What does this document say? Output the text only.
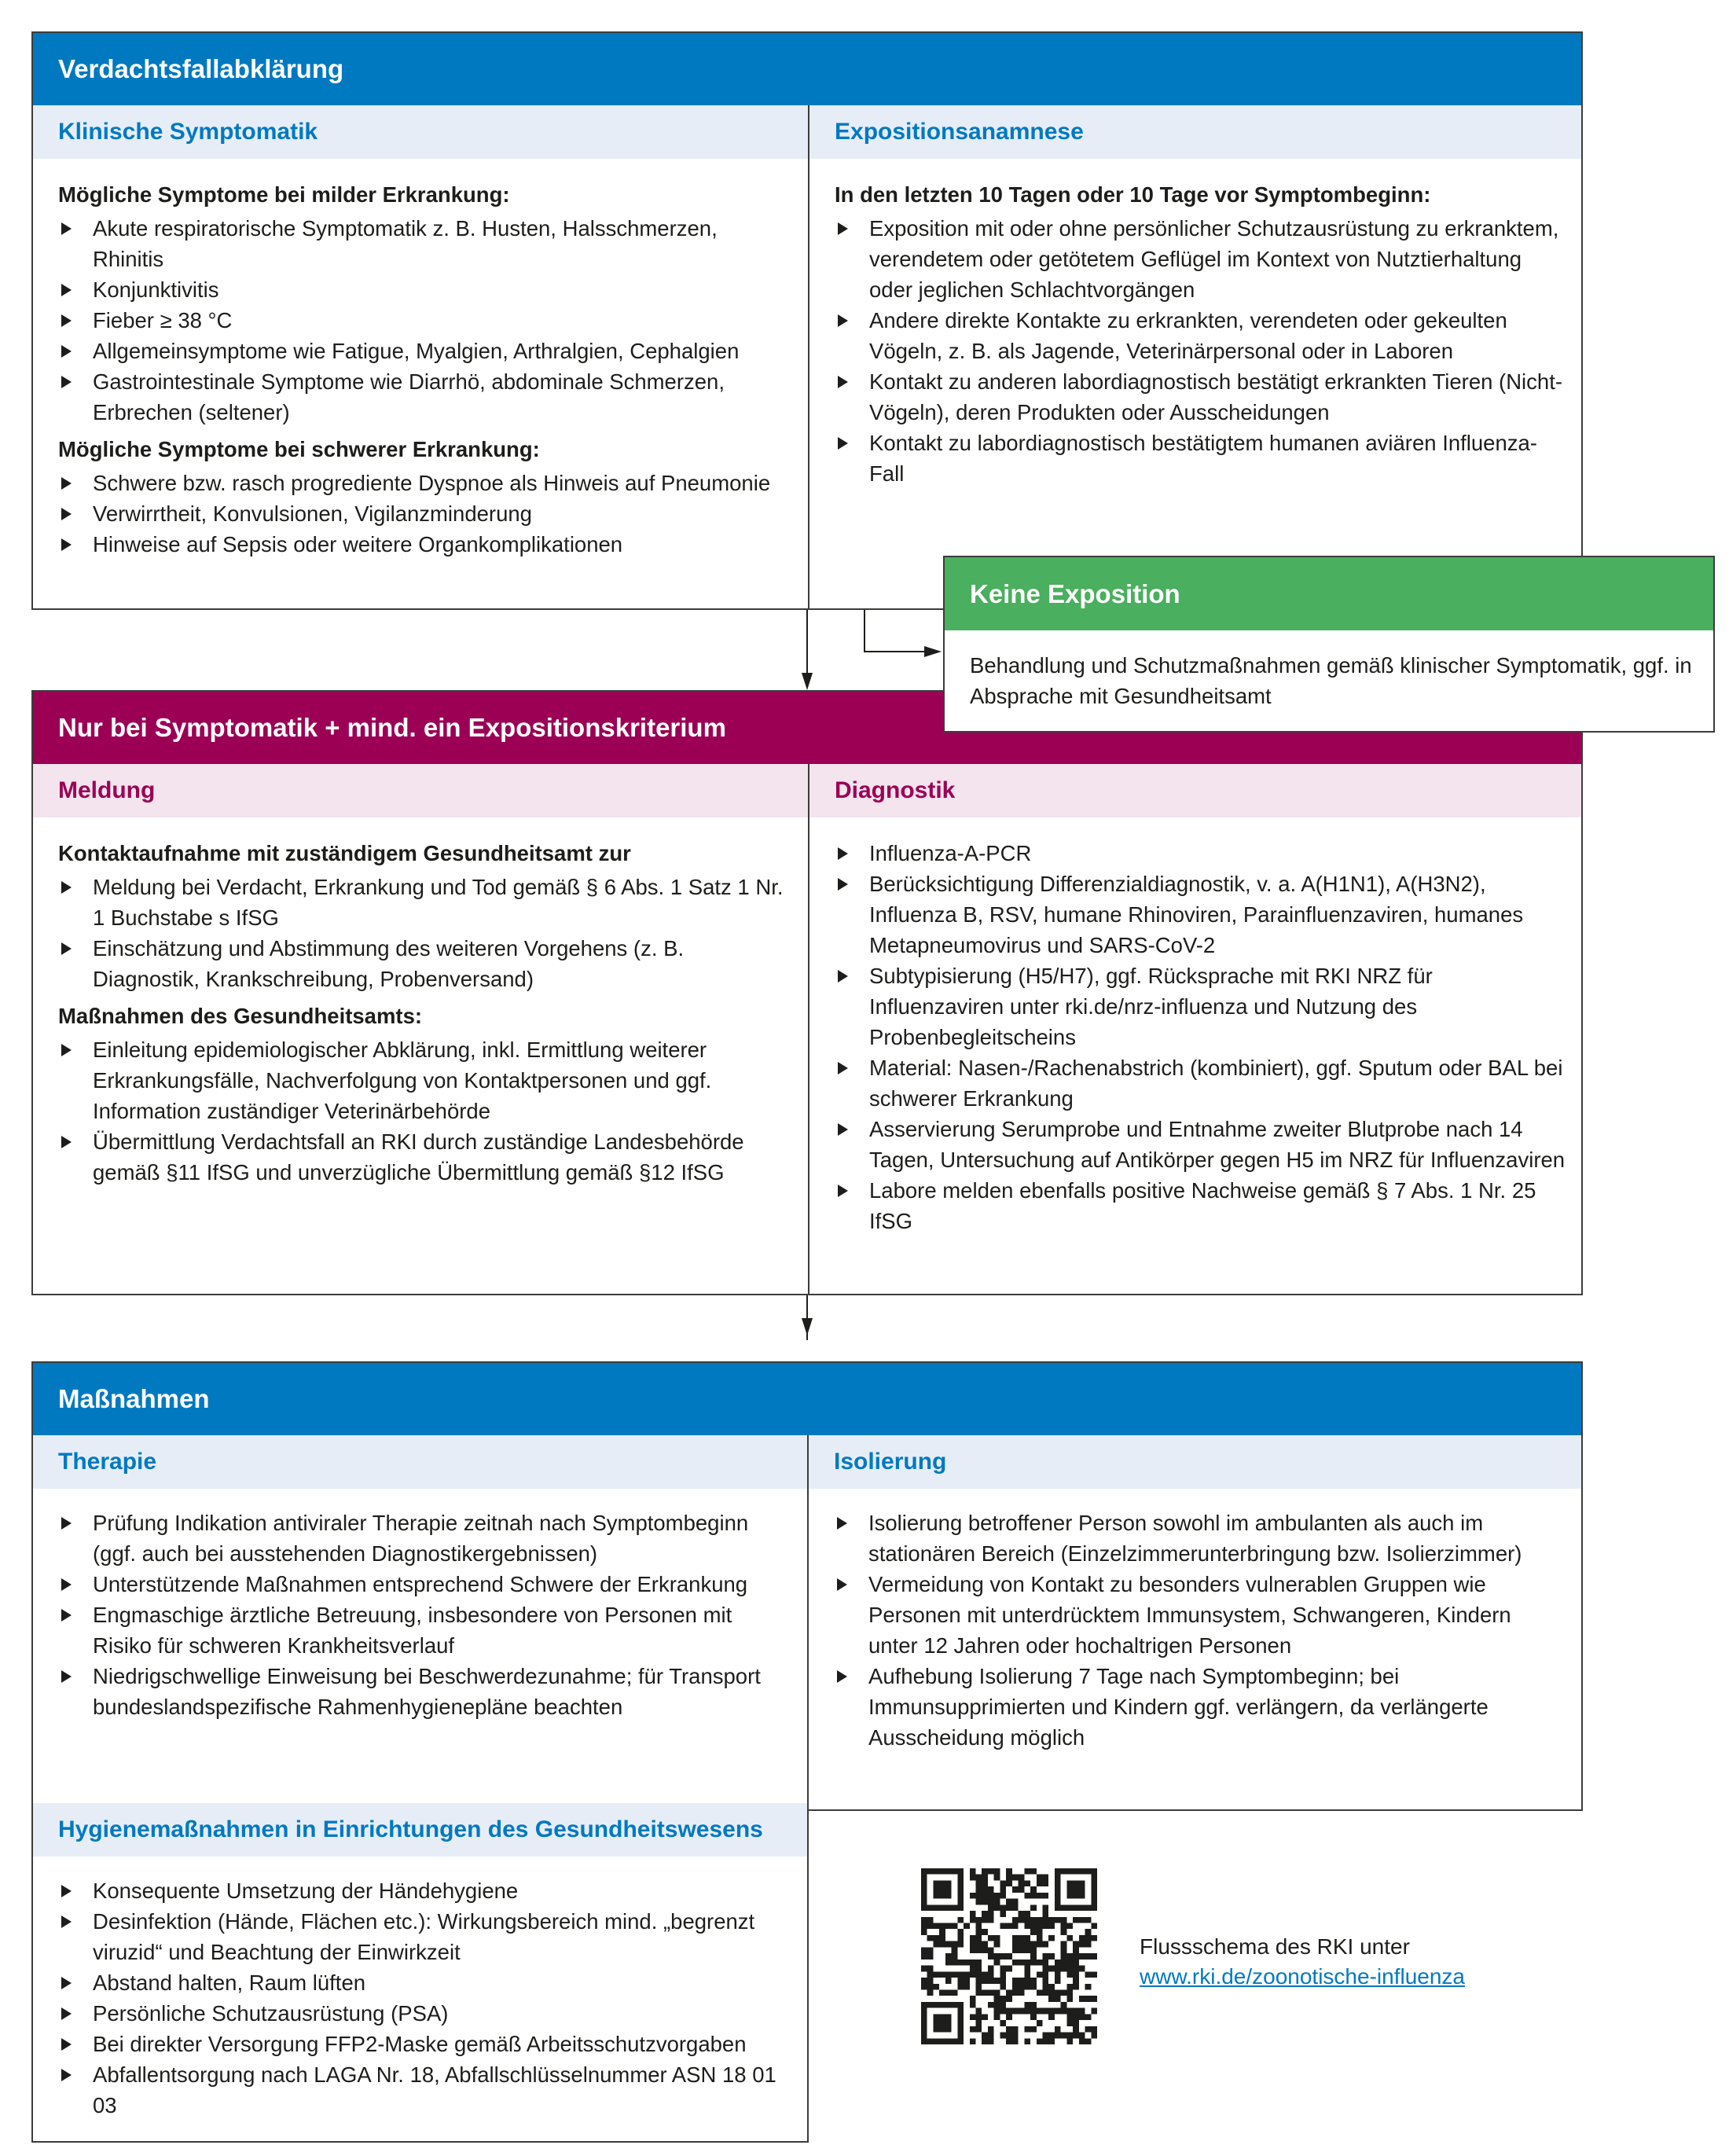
Verdachtsfallabklärung
Klinische Symptomatik	Expositionsanamnese
Mögliche Symptome bei milder Erkrankung:
Akute respiratorische Symptomatik z. B. Husten, Halsschmerzen, Rhinitis
Konjunktivitis
Fieber ≥ 38 °C
Allgemeinsymptome wie Fatigue, Myalgien, Arthralgien, Cephalgien
Gastrointestinale Symptome wie Diarrhö, abdominale Schmerzen, Erbrechen (seltener)
Mögliche Symptome bei schwerer Erkrankung:
Schwere bzw. rasch progrediente Dyspnoe als Hinweis auf Pneumonie
Verwirrtheit, Konvulsionen, Vigilanzminderung
Hinweise auf Sepsis oder weitere Organkomplikationen
In den letzten 10 Tagen oder 10 Tage vor Symptombeginn:
Exposition mit oder ohne persönlicher Schutzausrüstung zu erkranktem, verendetem oder getötetem Geflügel im Kontext von Nutztierhaltung oder jeglichen Schlachtvorgängen
Andere direkte Kontakte zu erkrankten, verendeten oder gekeulten Vögeln, z. B. als Jagende, Veterinärpersonal oder in Laboren
Kontakt zu anderen labordiagnostisch bestätigt erkrankten Tieren (Nicht-Vögeln), deren Produkten oder Ausscheidungen
Kontakt zu labordiagnostisch bestätigtem humanen aviären Influenza-Fall
Nur bei Symptomatik + mind. ein Expositionskriterium
Meldung	Diagnostik
Kontaktaufnahme mit zuständigem Gesundheitsamt zur
Meldung bei Verdacht, Erkrankung und Tod gemäß § 6 Abs. 1 Satz 1 Nr. 1 Buchstabe s IfSG
Einschätzung und Abstimmung des weiteren Vorgehens (z. B. Diagnostik, Krankschreibung, Probenversand)
Maßnahmen des Gesundheitsamts:
Einleitung epidemiologischer Abklärung, inkl. Ermittlung weiterer Erkrankungsfälle, Nachverfolgung von Kontaktpersonen und ggf. Information zuständiger Veterinärbehörde
Übermittlung Verdachtsfall an RKI durch zuständige Landesbehörde gemäß §11 IfSG und unverzügliche Übermittlung gemäß §12 IfSG
Influenza-A-PCR
Berücksichtigung Differenzialdiagnostik, v. a. A(H1N1), A(H3N2), Influenza B, RSV, humane Rhinoviren, Parainfluenzaviren, humanes Metapneumovirus und SARS-CoV-2
Subtypisierung (H5/H7), ggf. Rücksprache mit RKI NRZ für Influenzaviren unter rki.de/nrz-influenza und Nutzung des Probenbegleitscheins
Material: Nasen-/Rachenabstrich (kombiniert), ggf. Sputum oder BAL bei schwerer Erkrankung
Asservierung Serumprobe und Entnahme zweiter Blutprobe nach 14 Tagen, Untersuchung auf Antikörper gegen H5 im NRZ für Influenzaviren
Labore melden ebenfalls positive Nachweise gemäß § 7 Abs. 1 Nr. 25 IfSG
Keine Exposition
Behandlung und Schutzmaßnahmen gemäß klinischer Symptomatik, ggf. in Absprache mit Gesundheitsamt
Maßnahmen
Therapie
Prüfung Indikation antiviraler Therapie zeitnah nach Symptombeginn (ggf. auch bei ausstehenden Diagnostikergebnissen)
Unterstützende Maßnahmen entsprechend Schwere der Erkrankung
Engmaschige ärztliche Betreuung, insbesondere von Personen mit Risiko für schweren Krankheitsverlauf
Niedrigschwellige Einweisung bei Beschwerdezunahme; für Transport bundeslandspezifische Rahmenhygienepläne beachten
Hygienemaßnahmen in Einrichtungen des Gesundheitswesens
Konsequente Umsetzung der Händehygiene
Desinfektion (Hände, Flächen etc.): Wirkungsbereich mind. „begrenzt viruzid“ und Beachtung der Einwirkzeit
Abstand halten, Raum lüften
Persönliche Schutzausrüstung (PSA)
Bei direkter Versorgung FFP2-Maske gemäß Arbeitsschutzvorgaben
Abfallentsorgung nach LAGA Nr. 18, Abfallschlüsselnummer ASN 18 01 03
Isolierung
Isolierung betroffener Person sowohl im ambulanten als auch im stationären Bereich (Einzelzimmerunterbringung bzw. Isolierzimmer)
Vermeidung von Kontakt zu besonders vulnerablen Gruppen wie Personen mit unterdrücktem Immunsystem, Schwangeren, Kindern unter 12 Jahren oder hochaltrigen Personen
Aufhebung Isolierung 7 Tage nach Symptombeginn; bei Immunsupprimierten und Kindern ggf. verlängern, da verlängerte Ausscheidung möglich
Flussschema des RKI unter
www.rki.de/zoonotische-influenza
